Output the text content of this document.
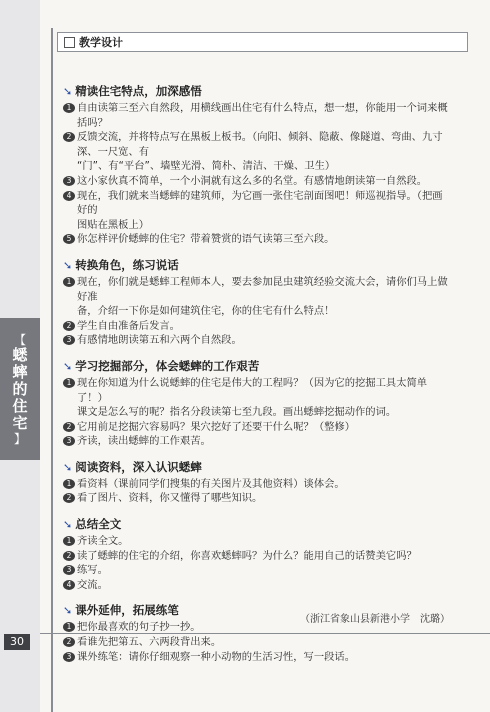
【
蟋蟀的住宅
】
30
教学设计
➘ 精读住宅特点，加深感悟
1 自由读第三至六自然段，用横线画出住宅有什么特点，想一想，你能用一个词来概括吗？
2 反馈交流，并将特点写在黑板上板书。（向阳、倾斜、隐蔽、像隧道、弯曲、九寸深、一尺宽、有
“门”、有“平台”、墙壁光滑、简朴、清洁、干燥、卫生）
3 这小家伙真不简单，一个小洞就有这么多的名堂。有感情地朗读第一自然段。
4 现在，我们就来当蟋蟀的建筑师，为它画一张住宅剖面图吧！师巡视指导。（把画好的
图贴在黑板上）
5 你怎样评价蟋蟀的住宅？带着赞赏的语气读第三至六段。
➘ 转换角色，练习说话
1 现在，你们就是蟋蟀工程师本人，要去参加昆虫建筑经验交流大会，请你们马上做好准
备，介绍一下你是如何建筑住宅，你的住宅有什么特点！
2 学生自由准备后发言。
3 有感情地朗读第五和六两个自然段。
➘ 学习挖掘部分，体会蟋蟀的工作艰苦
1 现在你知道为什么说蟋蟀的住宅是伟大的工程吗？（因为它的挖掘工具太简单了！）
课文是怎么写的呢？指名分段读第七至九段。画出蟋蟀挖掘动作的词。
2 它用前足挖掘穴容易吗？果穴挖好了还要干什么呢？（整修）
3 齐读，读出蟋蟀的工作艰苦。
➘ 阅读资料，深入认识蟋蟀
1 看资料（课前同学们搜集的有关图片及其他资料）谈体会。
2 看了图片、资料，你又懂得了哪些知识。
➘ 总结全文
1 齐读全文。
2 读了蟋蟀的住宅的介绍，你喜欢蟋蟀吗？为什么？能用自己的话赞美它吗？
3 练写。
4 交流。
➘ 课外延伸，拓展练笔
1 把你最喜欢的句子抄一抄。
2 看谁先把第五、六两段背出来。
3 课外练笔：请你仔细观察一种小动物的生活习性，写一段话。
（浙江省象山县新港小学　沈璐）
